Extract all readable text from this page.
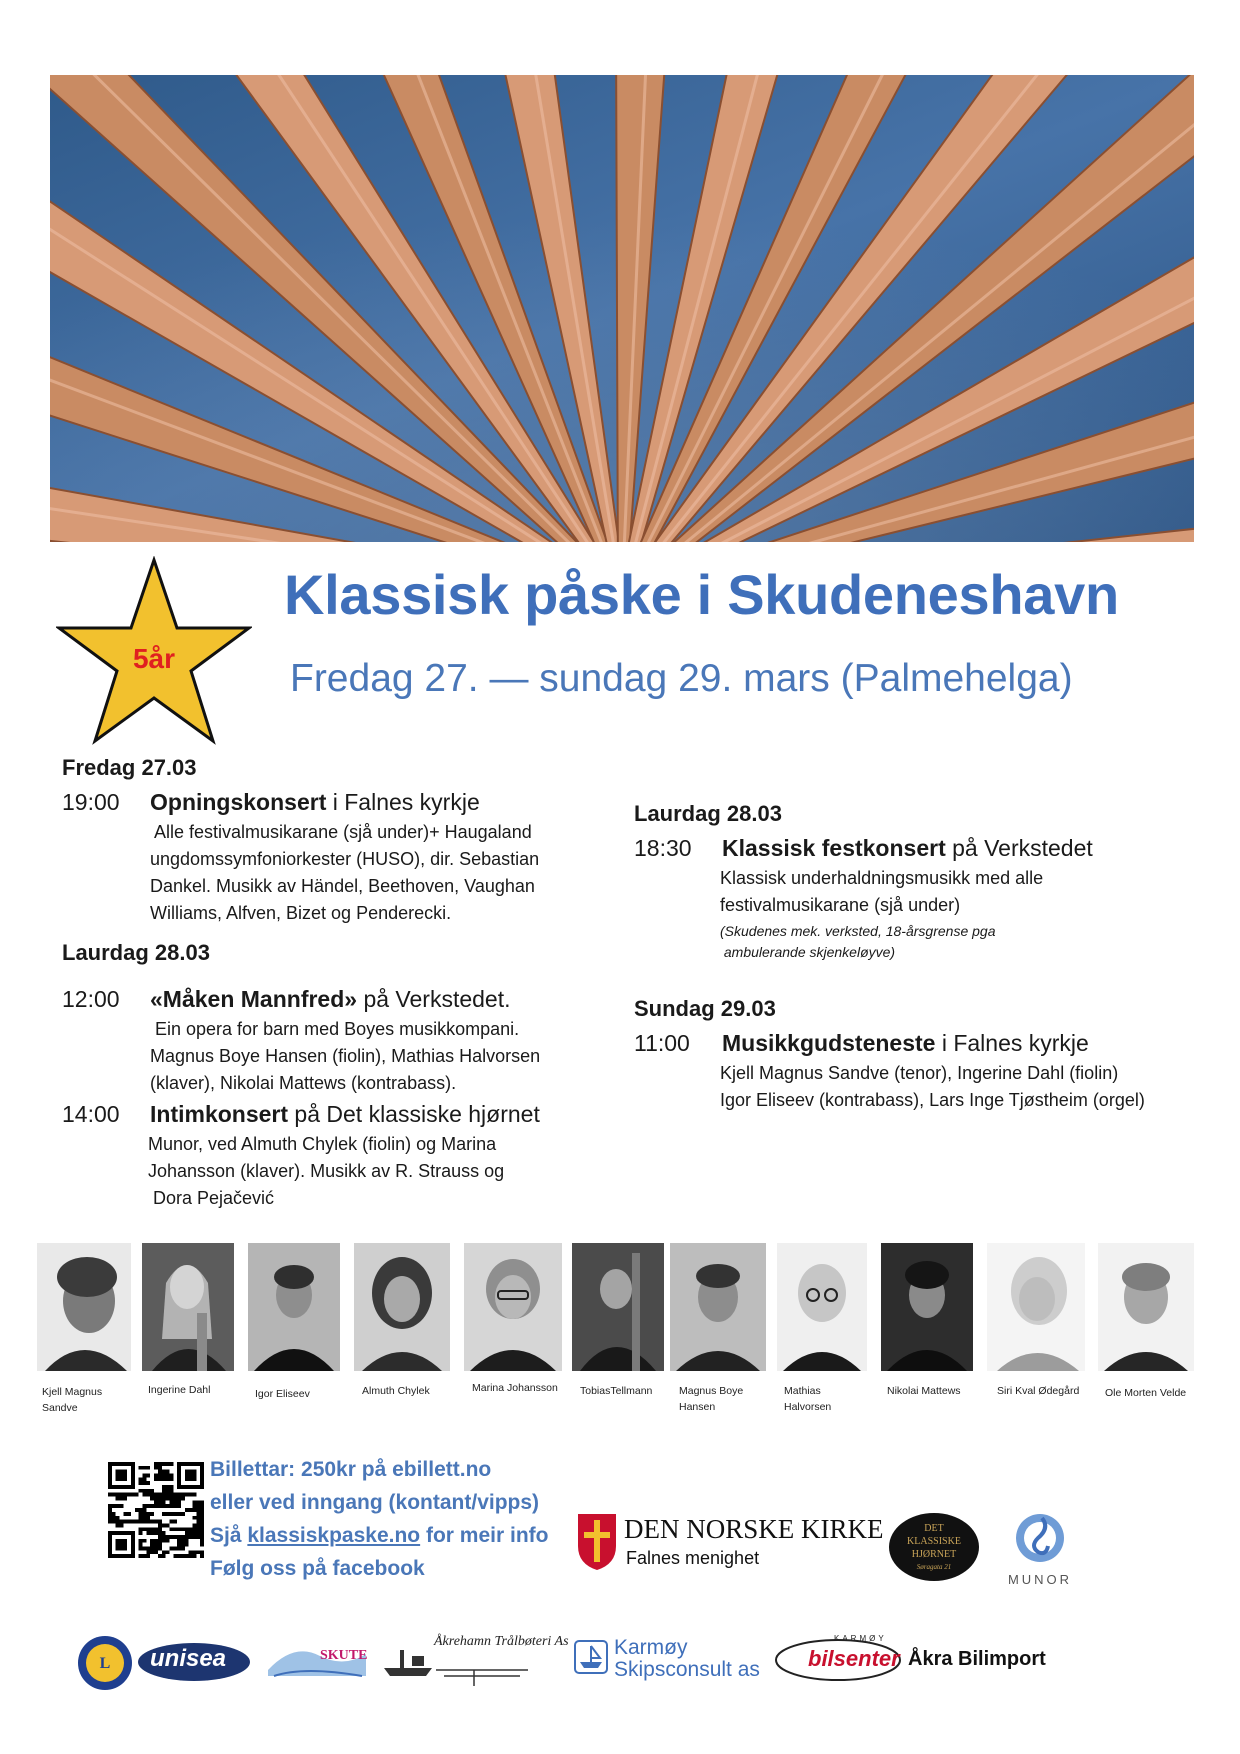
5år
Klassisk påske i Skudeneshavn
Fredag 27. — sundag 29. mars (Palmehelga)
Fredag 27.03
19:00 Opningskonsert i Falnes kyrkje
Alle festivalmusikarane (sjå under)+ Haugaland
ungdomssymfoniorkester (HUSO), dir. Sebastian
Dankel. Musikk av Händel, Beethoven, Vaughan
Williams, Alfven, Bizet og Penderecki.
Laurdag 28.03
12:00 «Måken Mannfred» på Verkstedet.
Ein opera for barn med Boyes musikkompani.
Magnus Boye Hansen (fiolin), Mathias Halvorsen
(klaver), Nikolai Mattews (kontrabass).
14:00 Intimkonsert på Det klassiske hjørnet
Munor, ved Almuth Chylek (fiolin) og Marina
Johansson (klaver). Musikk av R. Strauss og
Dora Pejačević
Laurdag 28.03
18:30 Klassisk festkonsert på Verkstedet
Klassisk underhaldningsmusikk med alle
festivalmusikarane (sjå under)
(Skudenes mek. verksted, 18-årsgrense pga
ambulerande skjenkeløyve)
Sundag 29.03
11:00 Musikkgudsteneste i Falnes kyrkje
Kjell Magnus Sandve (tenor), Ingerine Dahl (fiolin)
Igor Eliseev (kontrabass), Lars Inge Tjøstheim (orgel)
Kjell Magnus Sandve
Ingerine Dahl	Igor Eliseev	Almuth Chylek	Marina Johansson	TobiasTellmann	Magnus Boye Hansen
Mathias Halvorsen
Nikolai Mattews	Siri Kval Ødegård	Ole Morten Velde
Billettar: 250kr på ebillett.no
eller ved inngang (kontant/vipps)
Sjå klassiskpaske.no for meir info
Følg oss på facebook
DEN NORSKE KIRKE
Falnes menighet
DET
KLASSISKE
HJØRNET
Søragata 21
MUNOR
L unisea	SKUTE
Åkrehamn Trålbøteri As Karmøy
Skipsconsult as
KARMØY
bilsenter Åkra Bilimport
